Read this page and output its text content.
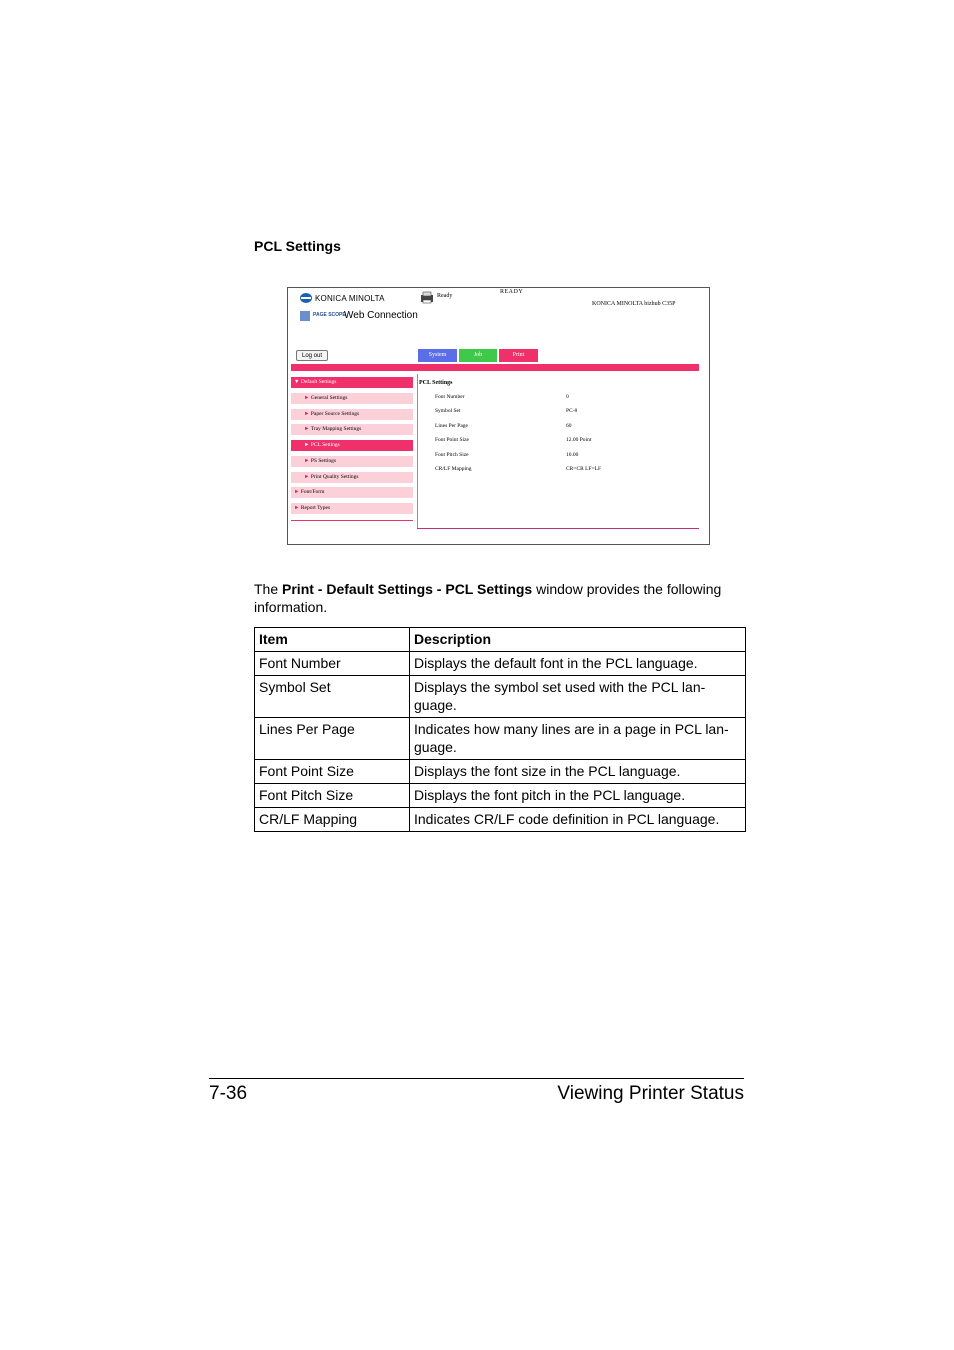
PCL Settings
KONICA MINOLTA
PAGE SCOPE
Web Connection
Ready
READY
KONICA MINOLTA bizhub C35P
Log out	System	Job	Print
▼ Default Settings
► General Settings
► Paper Source Settings
► Tray Mapping Settings
► PCL Settings
► PS Settings
► Print Quality Settings
► Font/Form
► Report Types
PCL Settings
Font Number	0
Symbol Set	PC-8
Lines Per Page	60
Font Point Size	12.00 Point
Font Pitch Size	10.00
CR/LF Mapping	CR=CR LF=LF
The Print - Default Settings - PCL Settings window provides the following information.
Item	Description
Font Number	Displays the default font in the PCL language.
Symbol Set	Displays the symbol set used with the PCL lan-guage.
Lines Per Page	Indicates how many lines are in a page in PCL lan-guage.
Font Point Size	Displays the font size in the PCL language.
Font Pitch Size	Displays the font pitch in the PCL language.
CR/LF Mapping	Indicates CR/LF code definition in PCL language.
7-36	Viewing Printer Status
